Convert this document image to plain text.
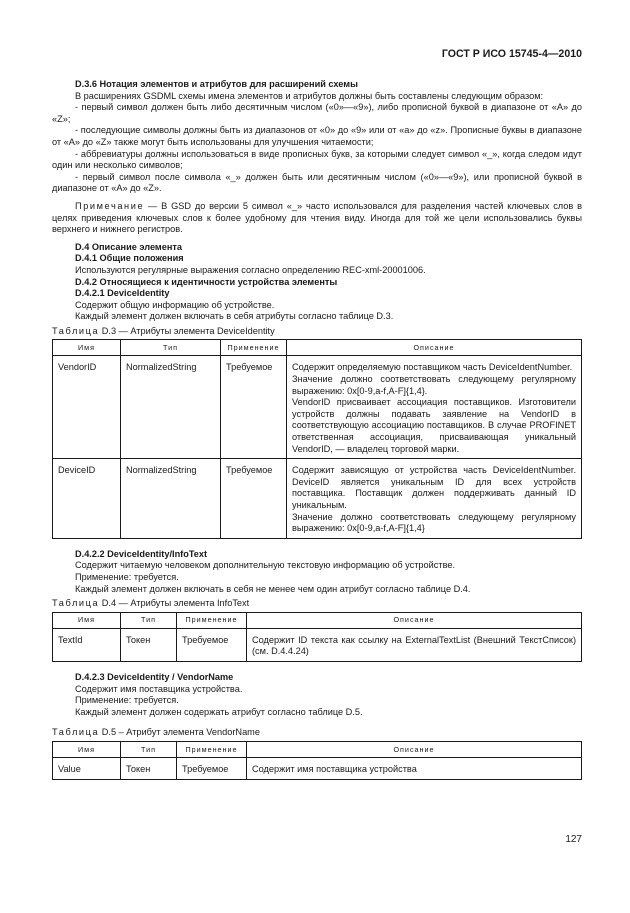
ГОСТ Р ИСО 15745-4—2010

D.3.6 Нотация элементов и атрибутов для расширений схемы

В расширениях GSDML схемы имена элементов и атрибутов должны быть составлены следующим образом:

- первый символ должен быть либо десятичным числом («0»—«9»), либо прописной буквой в диапазоне от «А» до «Z»;

- последующие символы должны быть из диапазонов от «0» до «9» или от «а» до «z». Прописные буквы в диапазоне от «А» до «Z» также могут быть использованы для улучшения читаемости;

- аббревиатуры должны использоваться в виде прописных букв, за которыми следует символ «_», когда следом идут один или несколько символов;

- первый символ после символа «_» должен быть или десятичным числом («0»—«9»), или прописной буквой в диапазоне от «А» до «Z».

Примечание — В GSD до версии 5 символ «_» часто использовался для разделения частей ключевых слов в целях приведения ключевых слов к более удобному для чтения виду. Иногда для той же цели использовались буквы верхнего и нижнего регистров.

D.4 Описание элемента

D.4.1 Общие положения

Используются регулярные выражения согласно определению REC-xml-20001006.

D.4.2 Относящиеся к идентичности устройства элементы

D.4.2.1 DeviceIdentity

Содержит общую информацию об устройстве.

Каждый элемент должен включать в себя атрибуты согласно таблице D.3.

Таблица D.3 — Атрибуты элемента DeviceIdentity

Имя	Тип	Применение	Описание
VendorID	NormalizedString	Требуемое	Содержит определяемую поставщиком часть DeviceIdentNumber.

Значение должно соответствовать следующему регулярному выражению: 0x[0-9,a-f,A-F]{1,4}.

VendorID присваивает ассоциация поставщиков. Изготовители устройств должны подавать заявление на VendorID в соответствующую ассоциацию поставщиков. В случае PROFINET ответственная ассоциация, присваивающая уникальный VendorID, — владелец торговой марки.

DeviceID	NormalizedString	Требуемое	Содержит зависящую от устройства часть DeviceIdentNumber. DeviceID является уникальным ID для всех устройств поставщика. Поставщик должен поддерживать данный ID уникальным.

Значение должно соответствовать следующему регулярному выражению: 0x[0-9,a-f,A-F]{1,4}

D.4.2.2 DeviceIdentity/InfoText

Содержит читаемую человеком дополнительную текстовую информацию об устройстве.

Применение: требуется.

Каждый элемент должен включать в себя не менее чем один атрибут согласно таблице D.4.

Таблица D.4 — Атрибуты элемента InfoText

Имя	Тип	Применение	Описание
TextId	Токен	Требуемое	Содержит ID текста как ссылку на ExternalTextList (Внешний ТекстСписок) (см. D.4.4.24)

D.4.2.3 DeviceIdentity / VendorName

Содержит имя поставщика устройства.

Применение: требуется.

Каждый элемент должен содержать атрибут согласно таблице D.5.

Таблица D.5 – Атрибут элемента VendorName

Имя	Тип	Применение	Описание
Value	Токен	Требуемое	Содержит имя поставщика устройства
127
